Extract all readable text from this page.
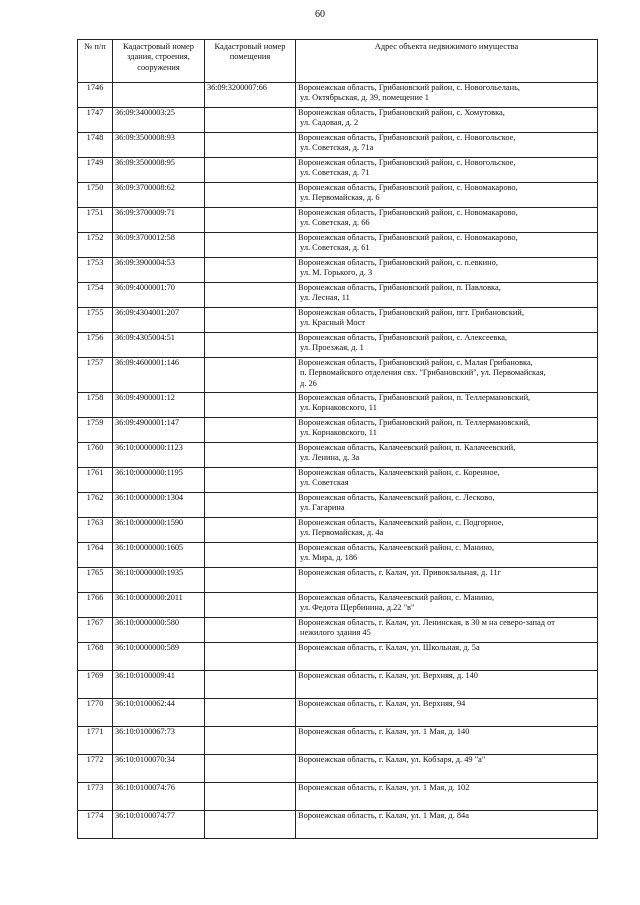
60
№ п/п	Кадастровый номер здания, строения, сооружения	Кадастровый номер помещения	Адрес объекта недвижимого имущества
1746		36:09:3200007:66	Воронежская область, Грибановский район, с. Новогольелань,
ул. Октябрьская, д. 39, помещение 1

1747	36:09:3400003:25		Воронежская область, Грибановский район, с. Хомутовка,
ул. Садовая, д. 2

1748	36:09:3500008:93		Воронежская область, Грибановский район, с. Новогольское,
ул. Советская, д. 71а

1749	36:09:3500008:95		Воронежская область, Грибановский район, с. Новогольское,
ул. Советская, д. 71

1750	36:09:3700008:62		Воронежская область, Грибановский район, с. Новомакарово,
ул. Первомайская, д. 6

1751	36:09:3700009:71		Воронежская область, Грибановский район, с. Новомакарово,
ул. Советская, д. 66

1752	36:09:3700012:58		Воронежская область, Грибановский район, с. Новомакарово,
ул. Советская, д. 61

1753	36:09:3900004:53		Воронежская область, Грибановский район, с. п.евкино,
ул. М. Горького, д. 3

1754	36:09:4000001:70		Воронежская область, Грибановский район, п. Павловка,
ул. Лесная, 11

1755	36:09:4304001:207		Воронежская область, Грибановский район, пгт. Грибановский,
ул. Красный Мост

1756	36:09:4305004:51		Воронежская область, Грибановский район, с. Алексеевка,
ул. Проезжая, д. 1

1757	36:09:4600001:146		Воронежская область, Грибановский район, с. Малая Грибановка,
п. Первомайского отделения свх. "Грибановский", ул. Первомайская,
д. 26

1758	36:09:4900001:12		Воронежская область, Грибановский район, п. Теллермановский,
ул. Корнаковского, 11

1759	36:09:4900001:147		Воронежская область, Грибановский район, п. Теллермановский,
ул. Корнаковского, 11

1760	36:10:0000000:1123		Воронежская область, Калачеевский район, п. Калачеевский,
ул. Ленина, д. 3а

1761	36:10:0000000:1195		Воронежская область, Калачеевский район, с. Коренное,
ул. Советская

1762	36:10:0000000:1304		Воронежская область, Калачеевский район, с. Лесково,
ул. Гагарина

1763	36:10:0000000:1590		Воронежская область, Калачеевский район, с. Подгорное,
ул. Первомайская, д. 4а

1764	36:10:0000000:1605		Воронежская область, Калачеевский район, с. Манино,
ул. Мира, д. 186

1765	36:10:0000000:1935		Воронежская область, г. Калач, ул. Привокзальная, д. 11г

1766	36:10:0000000:2011		Воронежская область, Калачеевский район, с. Манино,
ул. Федота Щербинина, д.22 "в"

1767	36:10:0000000:580		Воронежская область, г. Калач, ул. Ленинская, в 30 м на северо-запад от
нежилого здания 45

1768	36:10:0000000:589		Воронежская область, г. Калач, ул. Школьная, д. 5а

1769	36:10:0100009:41		Воронежская область, г. Калач, ул. Верхняя, д. 140

1770	36:10:0100062:44		Воронежская область, г. Калач, ул. Верхняя, 94

1771	36:10:0100067:73		Воронежская область, г. Калач, ул. 1 Мая, д. 140

1772	36:10:0100070:34		Воронежская область, г. Калач, ул. Кобзаря, д. 49 "а"

1773	36:10:0100074:76		Воронежская область, г. Калач, ул. 1 Мая, д. 102

1774	36:10:0100074:77		Воронежская область, г. Калач, ул. 1 Мая, д. 84а
